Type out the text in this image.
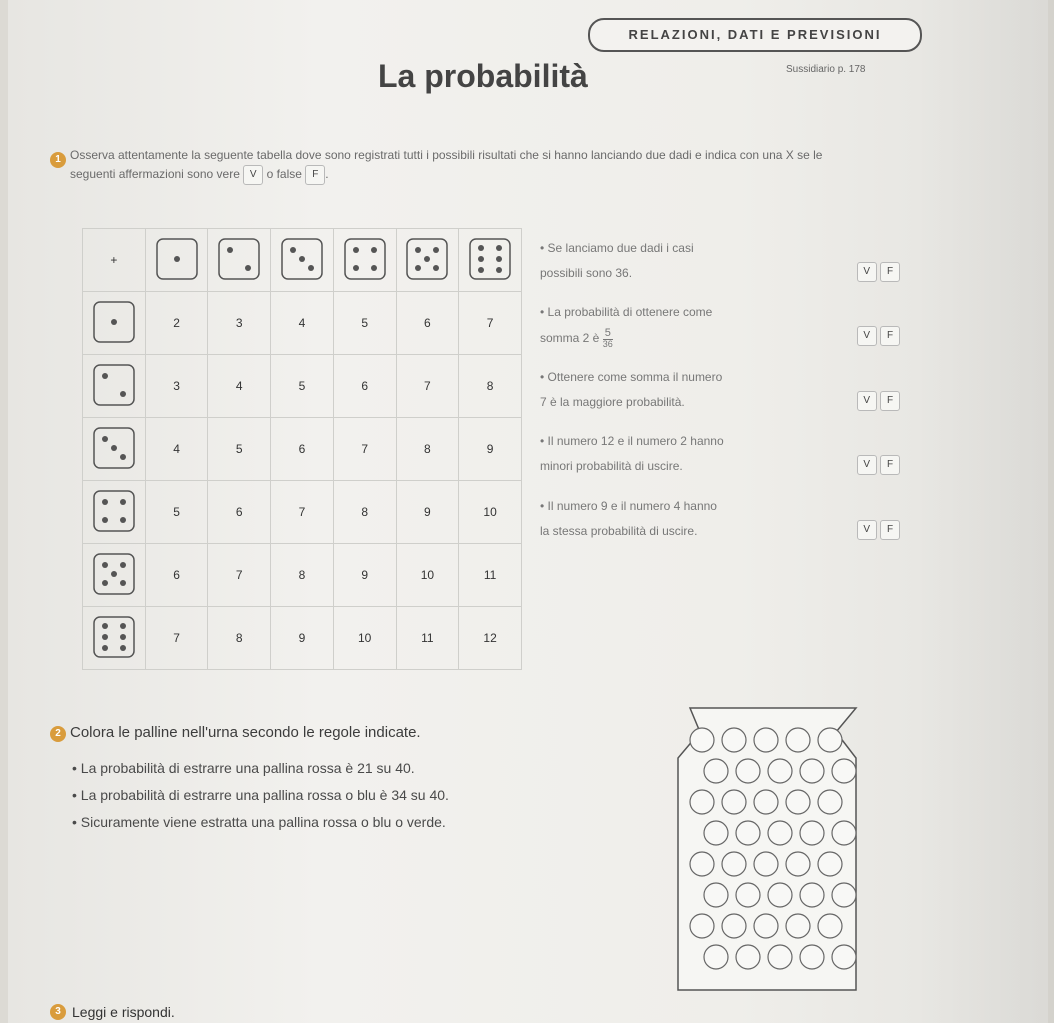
RELAZIONI, DATI E PREVISIONI
La probabilità	Sussidiario p. 178
1 Osserva attentamente la seguente tabella dove sono registrati tutti i possibili risultati che si hanno lanciando due dadi e indica con una X se le seguenti affermazioni sono vere V o false F .
+						
	2	3	4	5	6	7
	3	4	5	6	7	8
	4	5	6	7	8	9
	5	6	7	8	9	10
	6	7	8	9	10	11
	7	8	9	10	11	12
• Se lanciamo due dadi i casi
possibili sono 36.	V F
• La probabilità di ottenere come
somma 2 è $\frac{5}{36}$	V F
• Ottenere come somma il numero
7 è la maggiore probabilità.	V F
• Il numero 12 e il numero 2 hanno
minori probabilità di uscire.	V F
• Il numero 9 e il numero 4 hanno
la stessa probabilità di uscire.	V F
2 Colora le palline nell'urna secondo le regole indicate.
• La probabilità di estrarre una pallina rossa è 21 su 40.
• La probabilità di estrarre una pallina rossa o blu è 34 su 40.
• Sicuramente viene estratta una pallina rossa o blu o verde.
3 Leggi e rispondi.
